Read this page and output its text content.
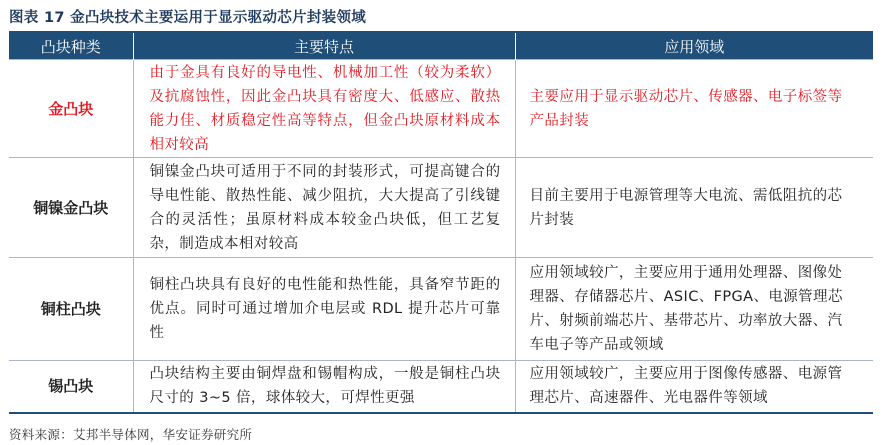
图表 17 金凸块技术主要运用于显示驱动芯片封装领域
凸块种类	主要特点	应用领域
金凸块	由于金具有良好的导电性、机械加工性（较为柔软）及抗腐蚀性，因此金凸块具有密度大、低感应、散热能力佳、材质稳定性高等特点，但金凸块原材料成本相对较高	主要应用于显示驱动芯片、传感器、电子标签等产品封装
铜镍金凸块	铜镍金凸块可适用于不同的封装形式，可提高键合的导电性能、散热性能、减少阻抗，大大提高了引线键合的灵活性；虽原材料成本较金凸块低，但工艺复杂，制造成本相对较高	目前主要用于电源管理等大电流、需低阻抗的芯片封装
铜柱凸块	铜柱凸块具有良好的电性能和热性能，具备窄节距的优点。同时可通过增加介电层或 RDL 提升芯片可靠性	应用领域较广，主要应用于通用处理器、图像处理器、存储器芯片、ASIC、FPGA、电源管理芯片、射频前端芯片、基带芯片、功率放大器、汽车电子等产品或领域
锡凸块	凸块结构主要由铜焊盘和锡帽构成，一般是铜柱凸块尺寸的 3~5 倍，球体较大，可焊性更强	应用领域较广，主要应用于图像传感器、电源管理芯片、高速器件、光电器件等领域
资料来源：艾邦半导体网，华安证券研究所
